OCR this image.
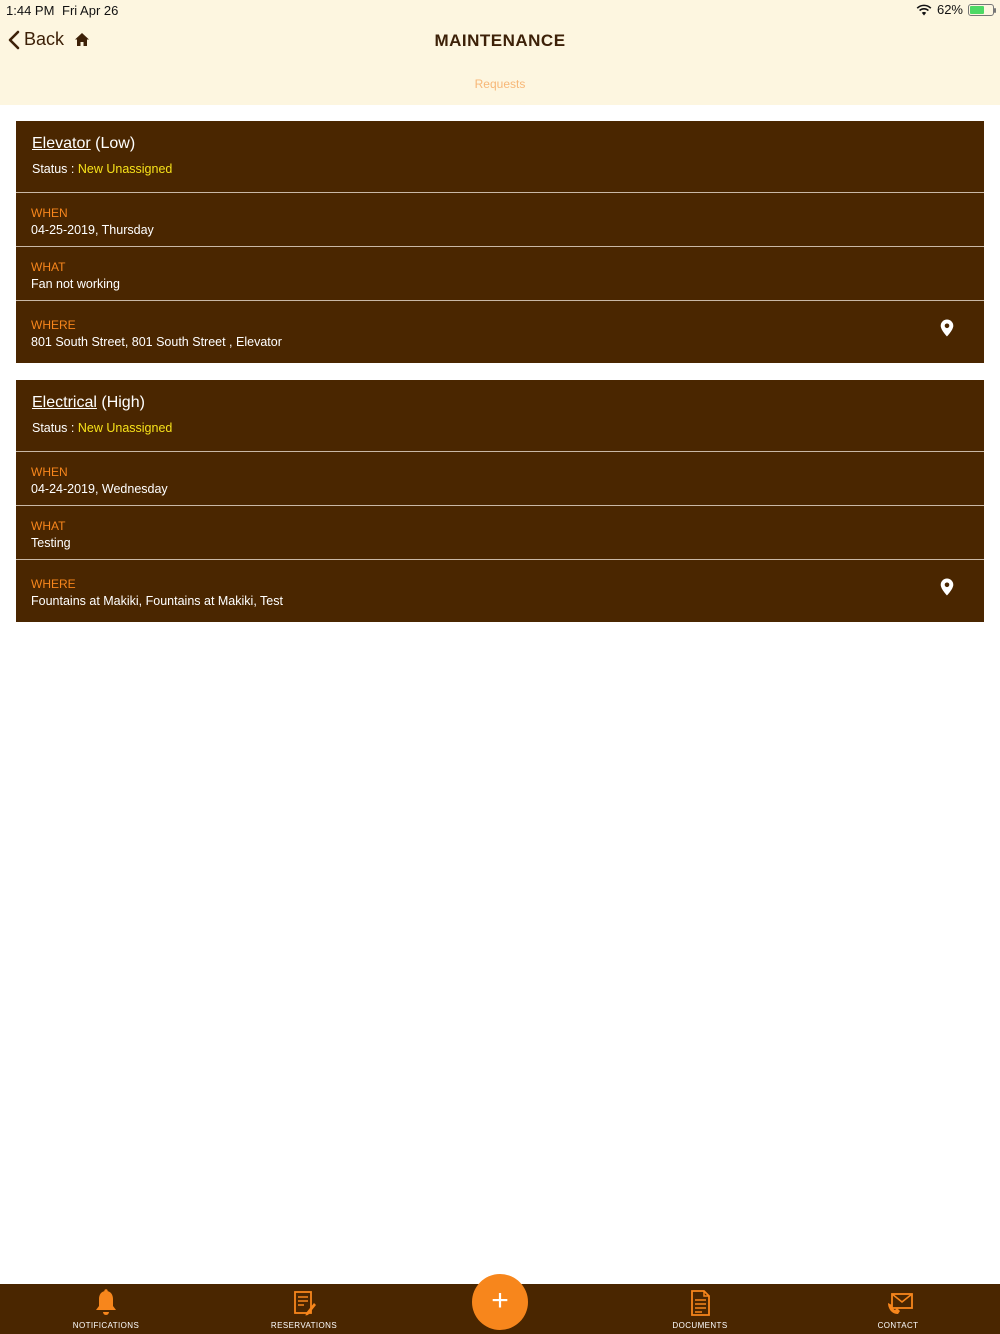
1:44 PM Fri Apr 26	62%
Back	MAINTENANCE
Requests
Elevator (Low)
Status : New Unassigned
WHEN
04-25-2019, Thursday
WHAT
Fan not working
WHERE
801 South Street, 801 South Street , Elevator
Electrical (High)
Status : New Unassigned
WHEN
04-24-2019, Wednesday
WHAT
Testing
WHERE
Fountains at Makiki, Fountains at Makiki, Test
NOTIFICATIONS	RESERVATIONS	DOCUMENTS	CONTACT
+
